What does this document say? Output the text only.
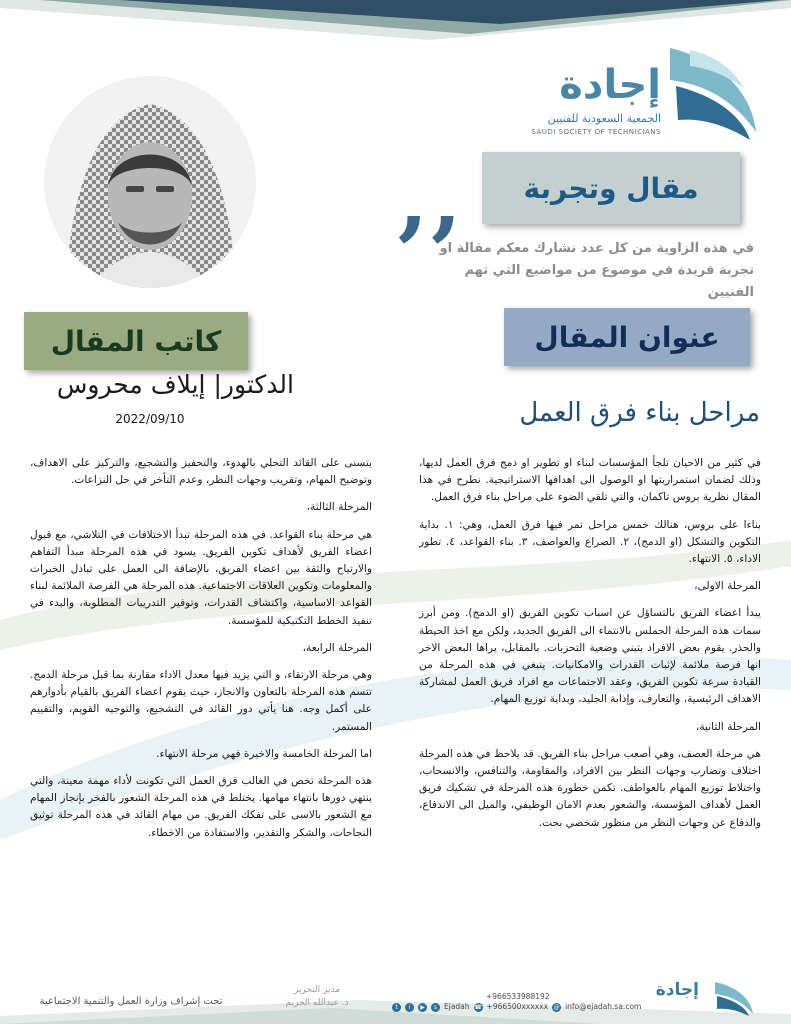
إجادة
الجمعية السعودية للفنيين
SAUDI SOCIETY OF TECHNICIANS
‚‚	مقال وتجربة
في هذه الزاوية من كل عدد نشارك معكم مقالة او تجربة فريدة في موضوع من مواضيع التي تهم الفنيين
عنوان المقال
كاتب المقال
الدكتور| إيلاف محروس
2022/09/10	مراحل بناء فرق العمل

في كثير من الاحيان تلجأ المؤسسات لبناء او تطوير او دمج فرق العمل لديها، وذلك لضمان استمراريتها او الوصول الى اهدافها الاستراتيجية. نطرح في هذا المقال نظرية بروس تاكمان، والتي تلقي الضوء على مراحل بناء فرق العمل.

بناءا على بروس، هنالك خمس مراحل تمر فيها فرق العمل، وهي: ١. بداية التكوين والتشكل (او الدمج)، ٢. الصراع والعواصف، ٣. بناء القواعد، ٤. تطور الاداء، ٥. الانتهاء.

المرحلة الاولى،

يبدأ اعضاء الفريق بالتساؤل عن اسباب تكوين الفريق (او الدمج). ومن أبرز سمات هذه المرحلة الحملس بالانتماء الى الفريق الجديد، ولكن مع اخذ الحيطة والحذر. يقوم بعض الافراد بتبني وضعية التحزبات. بالمقابل، يراها البعض الاخر انها فرصة ملائمة لإثبات القدرات والامكانيات. ينبغي في هذه المرحلة من القيادة سرعة تكوين الفريق، وعقد الاجتماعات مع افراد فريق العمل لمشاركة الاهداف الرئيسية، والتعارف، وإذابة الجليد، وبداية توزيع المهام.

المرحلة الثانية،

هي مرحلة العصف، وهي أصعب مراحل بناء الفريق. قد يلاحظ في هذه المرحلة اختلاف وتضارب وجهات النظر بين الافراد، والمقاومة، والتنافس، والانسحاب، واختلاط توزيع المهام بالعواطف. تكمن خطورة هذه المرحلة في تشكيك فريق العمل لأهداف المؤسسة، والشعور بعدم الامان الوظيفي، والميل الى الاندفاع، والدفاع عن وجهات النظر من منظور شخصي بحت.

يتسنى على القائد التحلي بالهدوء، والتحفيز والتشجيع، والتركيز على الاهداف، وتوضيح المهام، وتقريب وجهات النظر، وعدم التأخر في حل النزاعات.

المرحلة الثالثة،

هي مرحلة بناء القواعد. في هذه المرحلة تبدأ الاختلافات في التلاشي، مع قبول اعضاء الفريق لأهداف تكوين الفريق. يسود في هذه المرحلة مبدأ التفاهم والارتياح والثقة بين اعضاء الفريق، بالإضافة الى العمل على تبادل الخبرات والمعلومات وتكوين العلاقات الاجتماعية. هذه المرحلة هي الفرصة الملائمة لبناء القواعد الاساسية، واكتشاف القدرات، وتوفير التدريبات المطلوبة، والبدء في تنفيذ الخطط التكتيكية للمؤسسة.

المرحلة الرابعة،

وهي مرحلة الارتقاء، و التي يزيد فيها معدل الاداء مقارنة بما قبل مرحلة الدمج. تتسم هذه المرحلة بالتعاون والانجاز، حيث يقوم اعضاء الفريق بالقيام بأدوارهم على أكمل وجه. هنا يأتي دور القائد في التشجيع، والتوجيه القويم، والتقييم المستمر.

اما المرحلة الخامسة والاخيرة فهي مرحلة الانتهاء.

هذه المرحلة تخص في الغالب فرق العمل التي تكونت لأداء مهمة معينة، والتي ينتهي دورها بانتهاء مهامها. يختلط في هذه المرحلة الشعور بالفخر بإنجاز المهام مع الشعور بالاسى على تفكك الفريق. من مهام القائد في هذه المرحلة توثيق النجاحات، والشكر والتقدير، والاستفادة من الاخطاء.

إجادة
+966533988192
t	i	▶	s Ejadah ☎ +966500xxxxxx @ info@ejadah.sa.com
مدير التحرير
د. عبدالله الحزيم
تحت إشراف وزارة العمل والتنمية الاجتماعية
